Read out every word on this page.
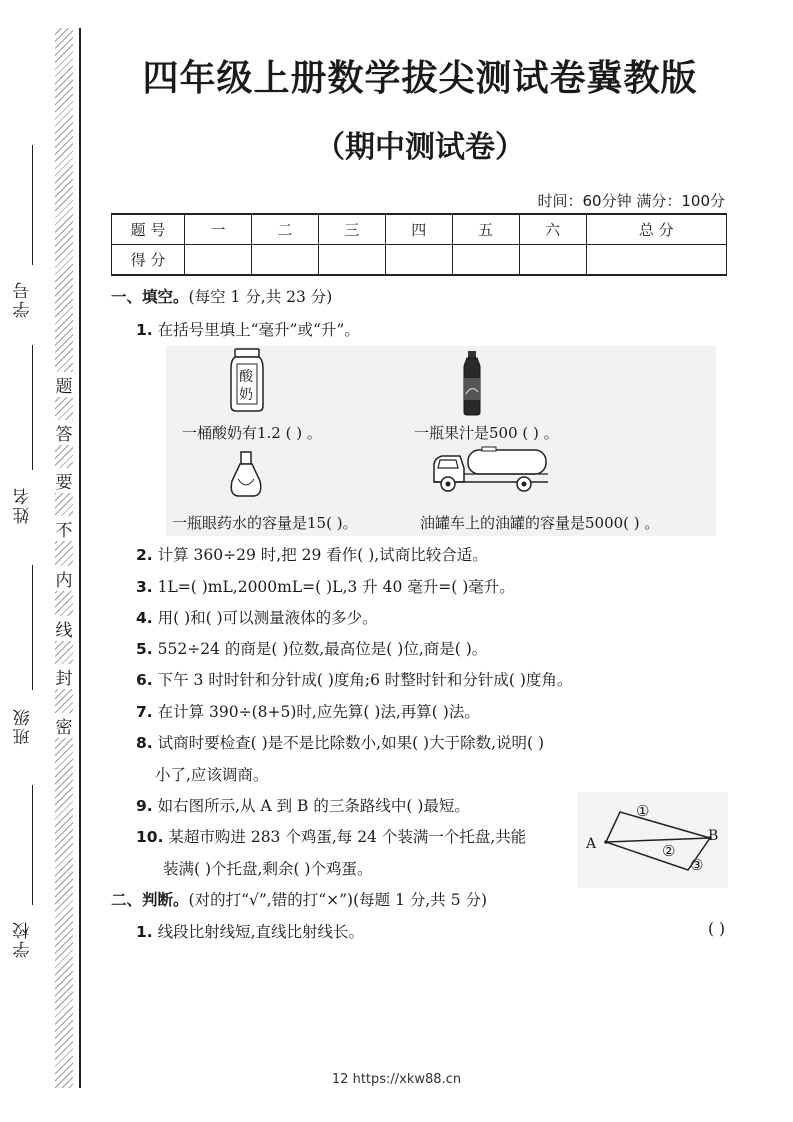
学号
姓名
班级
学校
题
答
要
不
内
线
封
密
四年级上册数学拔尖测试卷冀教版
（期中测试卷）
时间：60分钟 满分：100分
题 号	一	二	三	四	五	六	总 分
得 分							
一、填空。(每空 1 分,共 23 分)
1. 在括号里填上“毫升”或“升”。
酸奶
一桶酸奶有1.2 ( ) 。	一瓶果汁是500 ( ) 。
一瓶眼药水的容量是15( )。	油罐车上的油罐的容量是5000( ) 。
2. 计算 360÷29 时,把 29 看作( ),试商比较合适。
3. 1L=( )mL,2000mL=( )L,3 升 40 毫升=( )毫升。
4. 用( )和( )可以测量液体的多少。
5. 552÷24 的商是( )位数,最高位是( )位,商是( )。
6. 下午 3 时时针和分针成( )度角;6 时整时针和分针成( )度角。
7. 在计算 390÷(8+5)时,应先算( )法,再算( )法。
8. 试商时要检查( )是不是比除数小,如果( )大于除数,说明( )
小了,应该调商。
9. 如右图所示,从 A 到 B 的三条路线中( )最短。
10. 某超市购进 283 个鸡蛋,每 24 个装满一个托盘,共能
装满( )个托盘,剩余( )个鸡蛋。
A	B
①
②
③
二、判断。(对的打“√”,错的打“×”)(每题 1 分,共 5 分)
1. 线段比射线短,直线比射线长。	( )
12 https://xkw88.cn
